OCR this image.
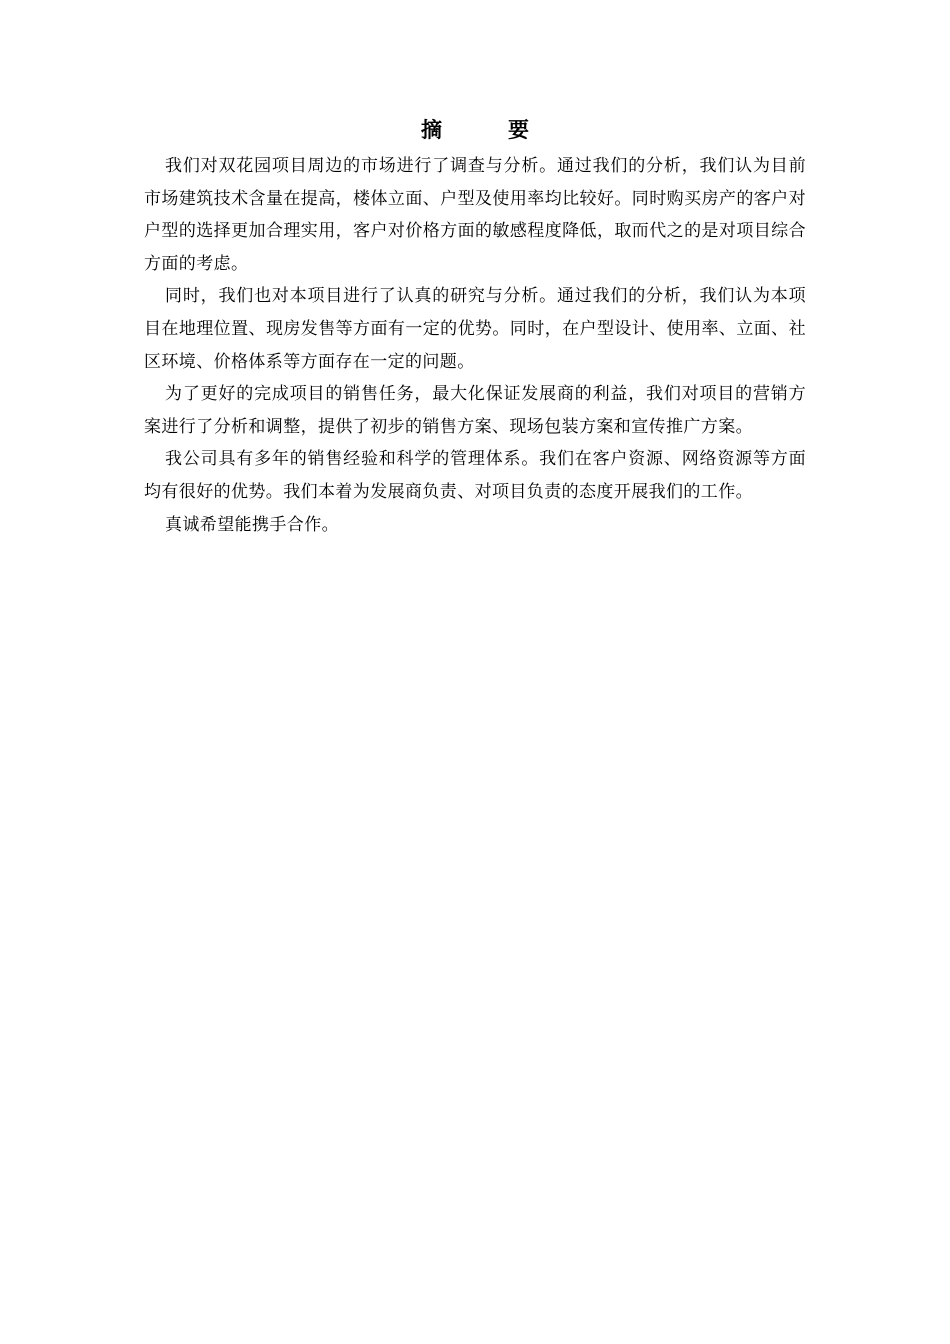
摘	要

我们对双花园项目周边的市场进行了调查与分析。通过我们的分析，我们认为目前市场建筑技术含量在提高，楼体立面、户型及使用率均比较好。同时购买房产的客户对户型的选择更加合理实用，客户对价格方面的敏感程度降低，取而代之的是对项目综合方面的考虑。

同时，我们也对本项目进行了认真的研究与分析。通过我们的分析，我们认为本项目在地理位置、现房发售等方面有一定的优势。同时，在户型设计、使用率、立面、社区环境、价格体系等方面存在一定的问题。

为了更好的完成项目的销售任务，最大化保证发展商的利益，我们对项目的营销方案进行了分析和调整，提供了初步的销售方案、现场包装方案和宣传推广方案。

我公司具有多年的销售经验和科学的管理体系。我们在客户资源、网络资源等方面均有很好的优势。我们本着为发展商负责、对项目负责的态度开展我们的工作。

真诚希望能携手合作。
